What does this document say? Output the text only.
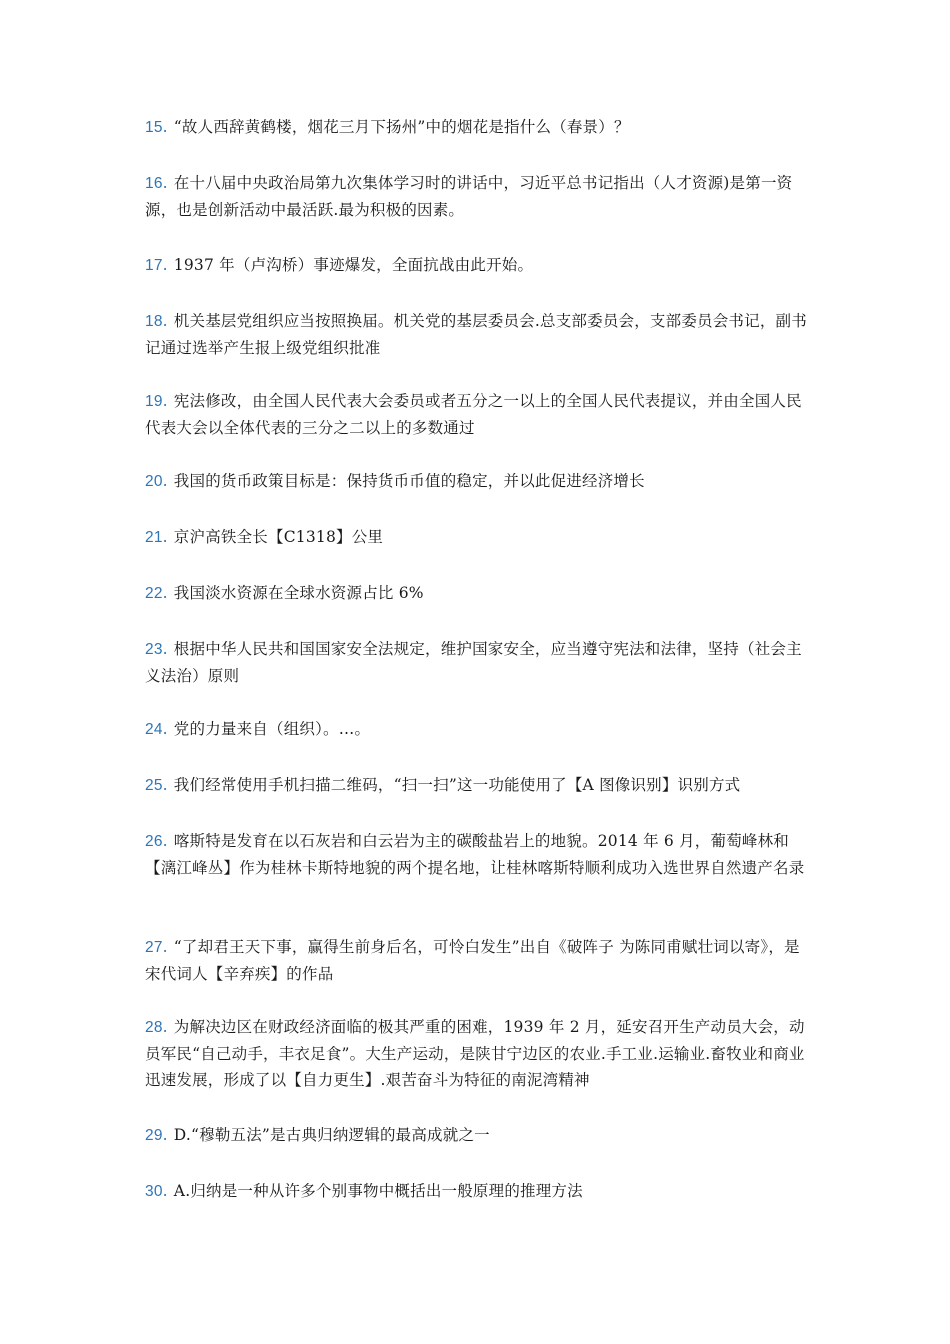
15. “故人西辞黄鹤楼，烟花三月下扬州”中的烟花是指什么（春景）？
16. 在十八届中央政治局第九次集体学习时的讲话中，习近平总书记指出（人才资源)是第一资源，也是创新活动中最活跃.最为积极的因素。
17. 1937 年（卢沟桥）事迹爆发，全面抗战由此开始。
18. 机关基层党组织应当按照换届。机关党的基层委员会.总支部委员会，支部委员会书记，副书记通过选举产生报上级党组织批准
19. 宪法修改，由全国人民代表大会委员或者五分之一以上的全国人民代表提议，并由全国人民代表大会以全体代表的三分之二以上的多数通过
20. 我国的货币政策目标是：保持货币币值的稳定，并以此促进经济增长
21. 京沪高铁全长【C1318】公里
22. 我国淡水资源在全球水资源占比 6%
23. 根据中华人民共和国国家安全法规定，维护国家安全，应当遵守宪法和法律，坚持（社会主义法治）原则
24. 党的力量来自（组织）。…。
25. 我们经常使用手机扫描二维码，“扫一扫”这一功能使用了【A 图像识别】识别方式
26. 喀斯特是发育在以石灰岩和白云岩为主的碳酸盐岩上的地貌。2014 年 6 月，葡萄峰林和【漓江峰丛】作为桂林卡斯特地貌的两个提名地，让桂林喀斯特顺利成功入选世界自然遗产名录
27. “了却君王天下事，赢得生前身后名，可怜白发生”出自《破阵子 为陈同甫赋壮词以寄》，是宋代词人【辛弃疾】的作品
28. 为解决边区在财政经济面临的极其严重的困难，1939 年 2 月，延安召开生产动员大会，动员军民“自己动手，丰衣足食”。大生产运动，是陕甘宁边区的农业.手工业.运输业.畜牧业和商业迅速发展，形成了以【自力更生】.艰苦奋斗为特征的南泥湾精神
29. D.“穆勒五法”是古典归纳逻辑的最高成就之一
30. A.归纳是一种从许多个别事物中概括出一般原理的推理方法
